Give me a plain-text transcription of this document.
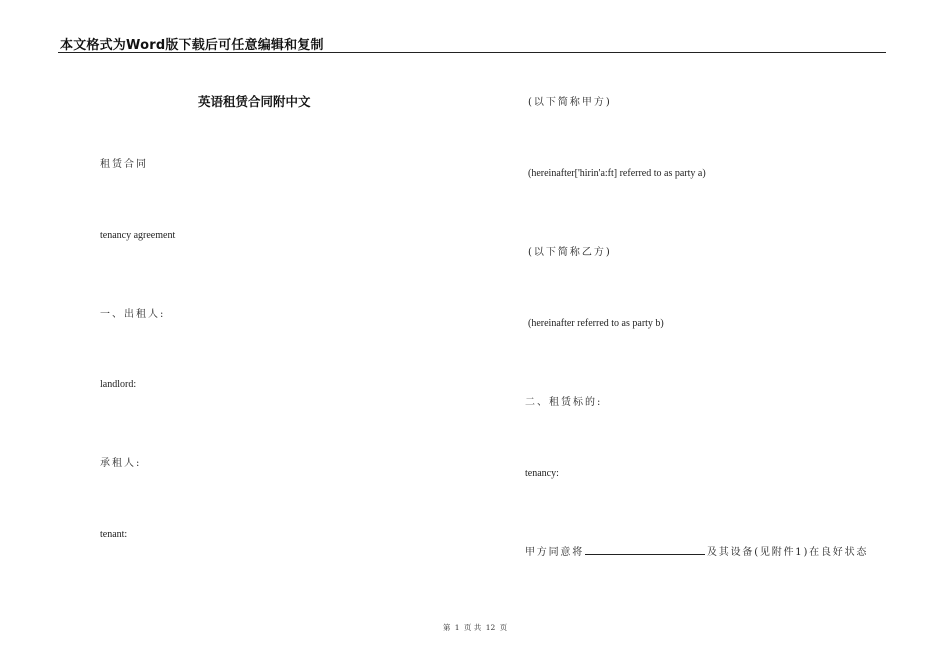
本文格式为Word版下载后可任意编辑和复制
英语租赁合同附中文
租赁合同
tenancy agreement
一、出租人:
landlord:
承租人:
tenant:
(以下简称甲方)
(hereinafter['hirin'a:ft] referred to as party a)
(以下简称乙方)
(hereinafter referred to as party b)
二、租赁标的:
tenancy:
甲方同意将	及其设备(见附件1)在良好状态
第 1 页 共 12 页
